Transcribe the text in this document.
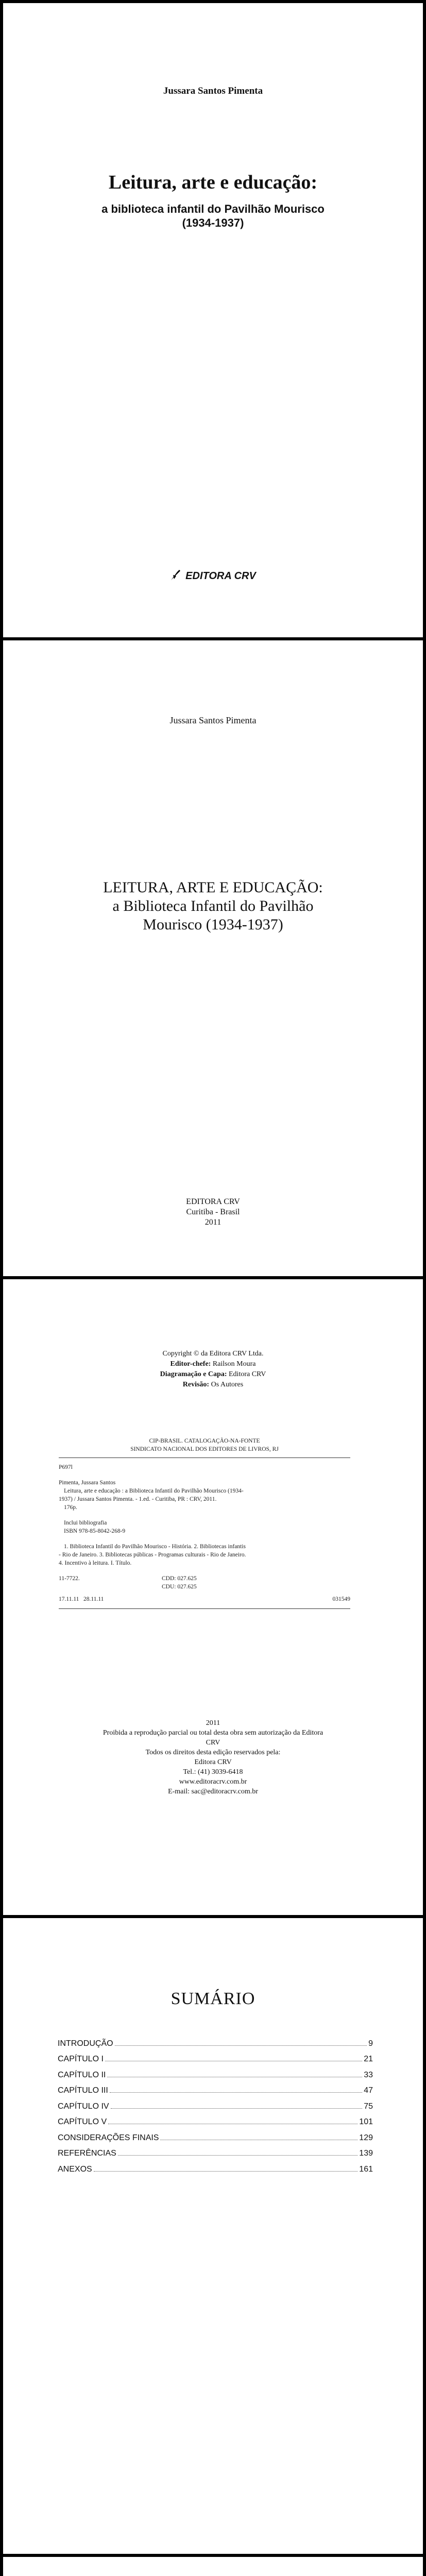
Jussara Santos Pimenta
Leitura, arte e educação:
a biblioteca infantil do Pavilhão Mourisco
(1934-1937)
EDITORA CRV
Jussara Santos Pimenta
LEITURA, ARTE E EDUCAÇÃO:
a Biblioteca Infantil do Pavilhão
Mourisco (1934-1937)
EDITORA CRV
Curitiba - Brasil
2011
Copyright © da Editora CRV Ltda.
Editor-chefe: Railson Moura
Diagramação e Capa: Editora CRV
Revisão: Os Autores

CIP-BRASIL. CATALOGAÇÃO-NA-FONTE

SINDICATO NACIONAL DOS EDITORES DE LIVROS, RJ

P697l

Pimenta, Jussara Santos

Leitura, arte e educação : a Biblioteca Infantil do Pavilhão Mourisco (1934-

1937) / Jussara Santos Pimenta. - 1.ed. - Curitiba, PR : CRV, 2011.

176p.

Inclui bibliografia

ISBN 978-85-8042-268-9

1. Biblioteca Infantil do Pavilhão Mourisco - História. 2. Bibliotecas infantis

- Rio de Janeiro. 3. Bibliotecas públicas - Programas culturais - Rio de Janeiro.

4. Incentivo à leitura. I. Título.

11-7722.	CDD: 027.625
CDU: 027.625
17.11.11   28.11.11	031549
2011
Proibida a reprodução parcial ou total desta obra sem autorização da Editora
CRV
Todos os direitos desta edição reservados pela:
Editora CRV
Tel.: (41) 3039-6418
www.editoracrv.com.br
E-mail: sac@editoracrv.com.br
SUMÁRIO
INTRODUÇÃO	9
CAPÍTULO I	21
CAPÍTULO II	33
CAPÍTULO III	47
CAPÍTULO IV	75
CAPÍTULO V	101
CONSIDERAÇÕES FINAIS	129
REFERÊNCIAS	139
ANEXOS	161
